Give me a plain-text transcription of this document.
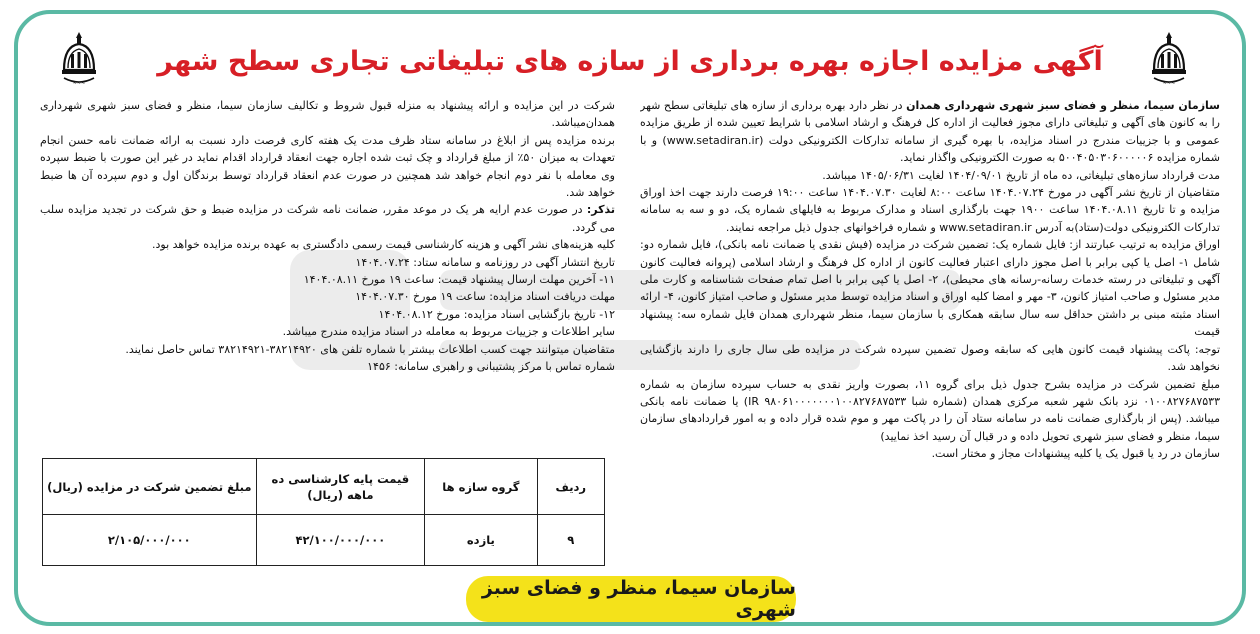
~~~
~~~
آگهی مزایده اجازه بهره برداری از سازه های تبلیغاتی تجاری سطح شهر

سازمان سیما، منظر و فضای سبز شهری شهرداری همدان در نظر دارد بهره برداری از سازه های تبلیغاتی سطح شهر را به کانون های آگهی و تبلیغاتی دارای مجوز فعالیت از اداره کل فرهنگ و ارشاد اسلامی با شرایط تعیین شده از طریق مزایده عمومی و با جزییات مندرج در اسناد مزایده، با بهره گیری از سامانه تدارکات الکترونیکی دولت (www.setadiran.ir) و با شماره مزایده ۵۰۰۴۰۵۰۳۰۶۰۰۰۰۰۶ به صورت الکترونیکی واگذار نماید.

مدت قرارداد سازه‌های تبلیغاتی، ده ماه از تاریخ ۱۴۰۴/۰۹/۰۱ لغایت ۱۴۰۵/۰۶/۳۱ میباشد.

متقاضیان از تاریخ نشر آگهی در مورخ ۱۴۰۴.۰۷.۲۴ ساعت ۸:۰۰ لغایت ۱۴۰۴.۰۷.۳۰ ساعت ۱۹:۰۰ فرصت دارند جهت اخذ اوراق مزایده و تا تاریخ ۱۴۰۴.۰۸.۱۱ ساعت ۱۹۰۰ جهت بارگذاری اسناد و مدارک مربوط به فایلهای شماره یک، دو و سه به سامانه تدارکات الکترونیکی دولت(ستاد)به آدرس www.setadiran.ir و شماره فراخوانهای جدول ذیل مراجعه نمایند.

اوراق مزایده به ترتیب عبارتند از: فایل شماره یک: تضمین شرکت در مزایده (فیش نقدی یا ضمانت نامه بانکی)، فایل شماره دو: شامل ۱- اصل یا کپی برابر با اصل مجوز دارای اعتبار فعالیت کانون از اداره کل فرهنگ و ارشاد اسلامی (پروانه فعالیت کانون آگهی و تبلیغاتی در رسته خدمات رسانه-رسانه های محیطی)، ۲- اصل یا کپی برابر با اصل تمام صفحات شناسنامه و کارت ملی مدیر مسئول و صاحب امتیاز کانون، ۳- مهر و امضا کلیه اوراق و اسناد مزایده توسط مدیر مسئول و صاحب امتیاز کانون، ۴- ارائه اسناد مثبته مبنی بر داشتن حداقل سه سال سابقه همکاری با سازمان سیما، منظر شهرداری همدان فایل شماره سه: پیشنهاد قیمت

توجه: پاکت پیشنهاد قیمت کانون هایی که سابقه وصول تضمین سپرده شرکت در مزایده طی سال جاری را دارند بازگشایی نخواهد شد.

مبلغ تضمین شرکت در مزایده بشرح جدول ذیل برای گروه ۱۱، بصورت واریز نقدی به حساب سپرده سازمان به شماره ۰۱۰۰۸۲۷۶۸۷۵۳۳ نزد بانک شهر شعبه مرکزی همدان (شماره شبا IR ۹۸۰۶۱۰۰۰۰۰۰۰۱۰۰۸۲۷۶۸۷۵۳۳) یا ضمانت نامه بانکی میباشد. (پس از بارگذاری ضمانت نامه در سامانه ستاد آن را در پاکت مهر و موم شده قرار داده و به امور قراردادهای سازمان سیما، منظر و فضای سبز شهری تحویل داده و در قبال آن رسید اخذ نمایید)

سازمان در رد یا قبول یک یا کلیه پیشنهادات مجاز و مختار است.

شرکت در این مزایده و ارائه پیشنهاد به منزله قبول شروط و تکالیف سازمان سیما، منظر و فضای سبز شهری شهرداری همدان‌میباشد.

برنده مزایده پس از ابلاغ در سامانه ستاد ظرف مدت یک هفته کاری فرصت دارد نسبت به ارائه ضمانت نامه حسن انجام تعهدات به میزان ۵۰٪ از مبلغ قرارداد و چک ثبت شده اجاره جهت انعقاد قرارداد اقدام نماید در غیر این صورت با ضبط سپرده وی معامله با نفر دوم انجام خواهد شد همچنین در صورت عدم انعقاد قرارداد توسط برندگان اول و دوم سپرده آن ها ضبط خواهد شد.

تذکر: در صورت عدم ارایه هر یک در موعد مقرر، ضمانت نامه شرکت در مزایده ضبط و حق شرکت در تجدید مزایده سلب می گردد.

کلیه هزینه‌های نشر آگهی و هزینه کارشناسی قیمت رسمی دادگستری به عهده برنده مزایده خواهد بود.

تاریخ انتشار آگهی در روزنامه و سامانه ستاد: ۱۴۰۴.۰۷.۲۴

۱۱- آخرین مهلت ارسال پیشنهاد قیمت: ساعت ۱۹ مورخ ۱۴۰۴.۰۸.۱۱

مهلت دریافت اسناد مزایده: ساعت ۱۹ مورخ ۱۴۰۴.۰۷.۳۰

۱۲- تاریخ بازگشایی اسناد مزایده: مورخ ۱۴۰۴.۰۸.۱۲

سایر اطلاعات و جزییات مربوط به معامله در اسناد مزایده مندرج میباشد.

متقاضیان میتوانند جهت کسب اطلاعات بیشتر با شماره تلفن های ۳۸۲۱۴۹۲۰-۳۸۲۱۴۹۲۱ تماس حاصل نمایند.

شماره تماس با مرکز پشتیبانی و راهبری سامانه: ۱۴۵۶

ردیف	گروه سازه ها	قیمت پایه کارشناسی ده ماهه (ریال)	مبلغ تضمین شرکت در مزایده (ریال)
۹	یازده	۴۲/۱۰۰/۰۰۰/۰۰۰	۲/۱۰۵/۰۰۰/۰۰۰
سازمان سیما، منظر و فضای سبز شهری
